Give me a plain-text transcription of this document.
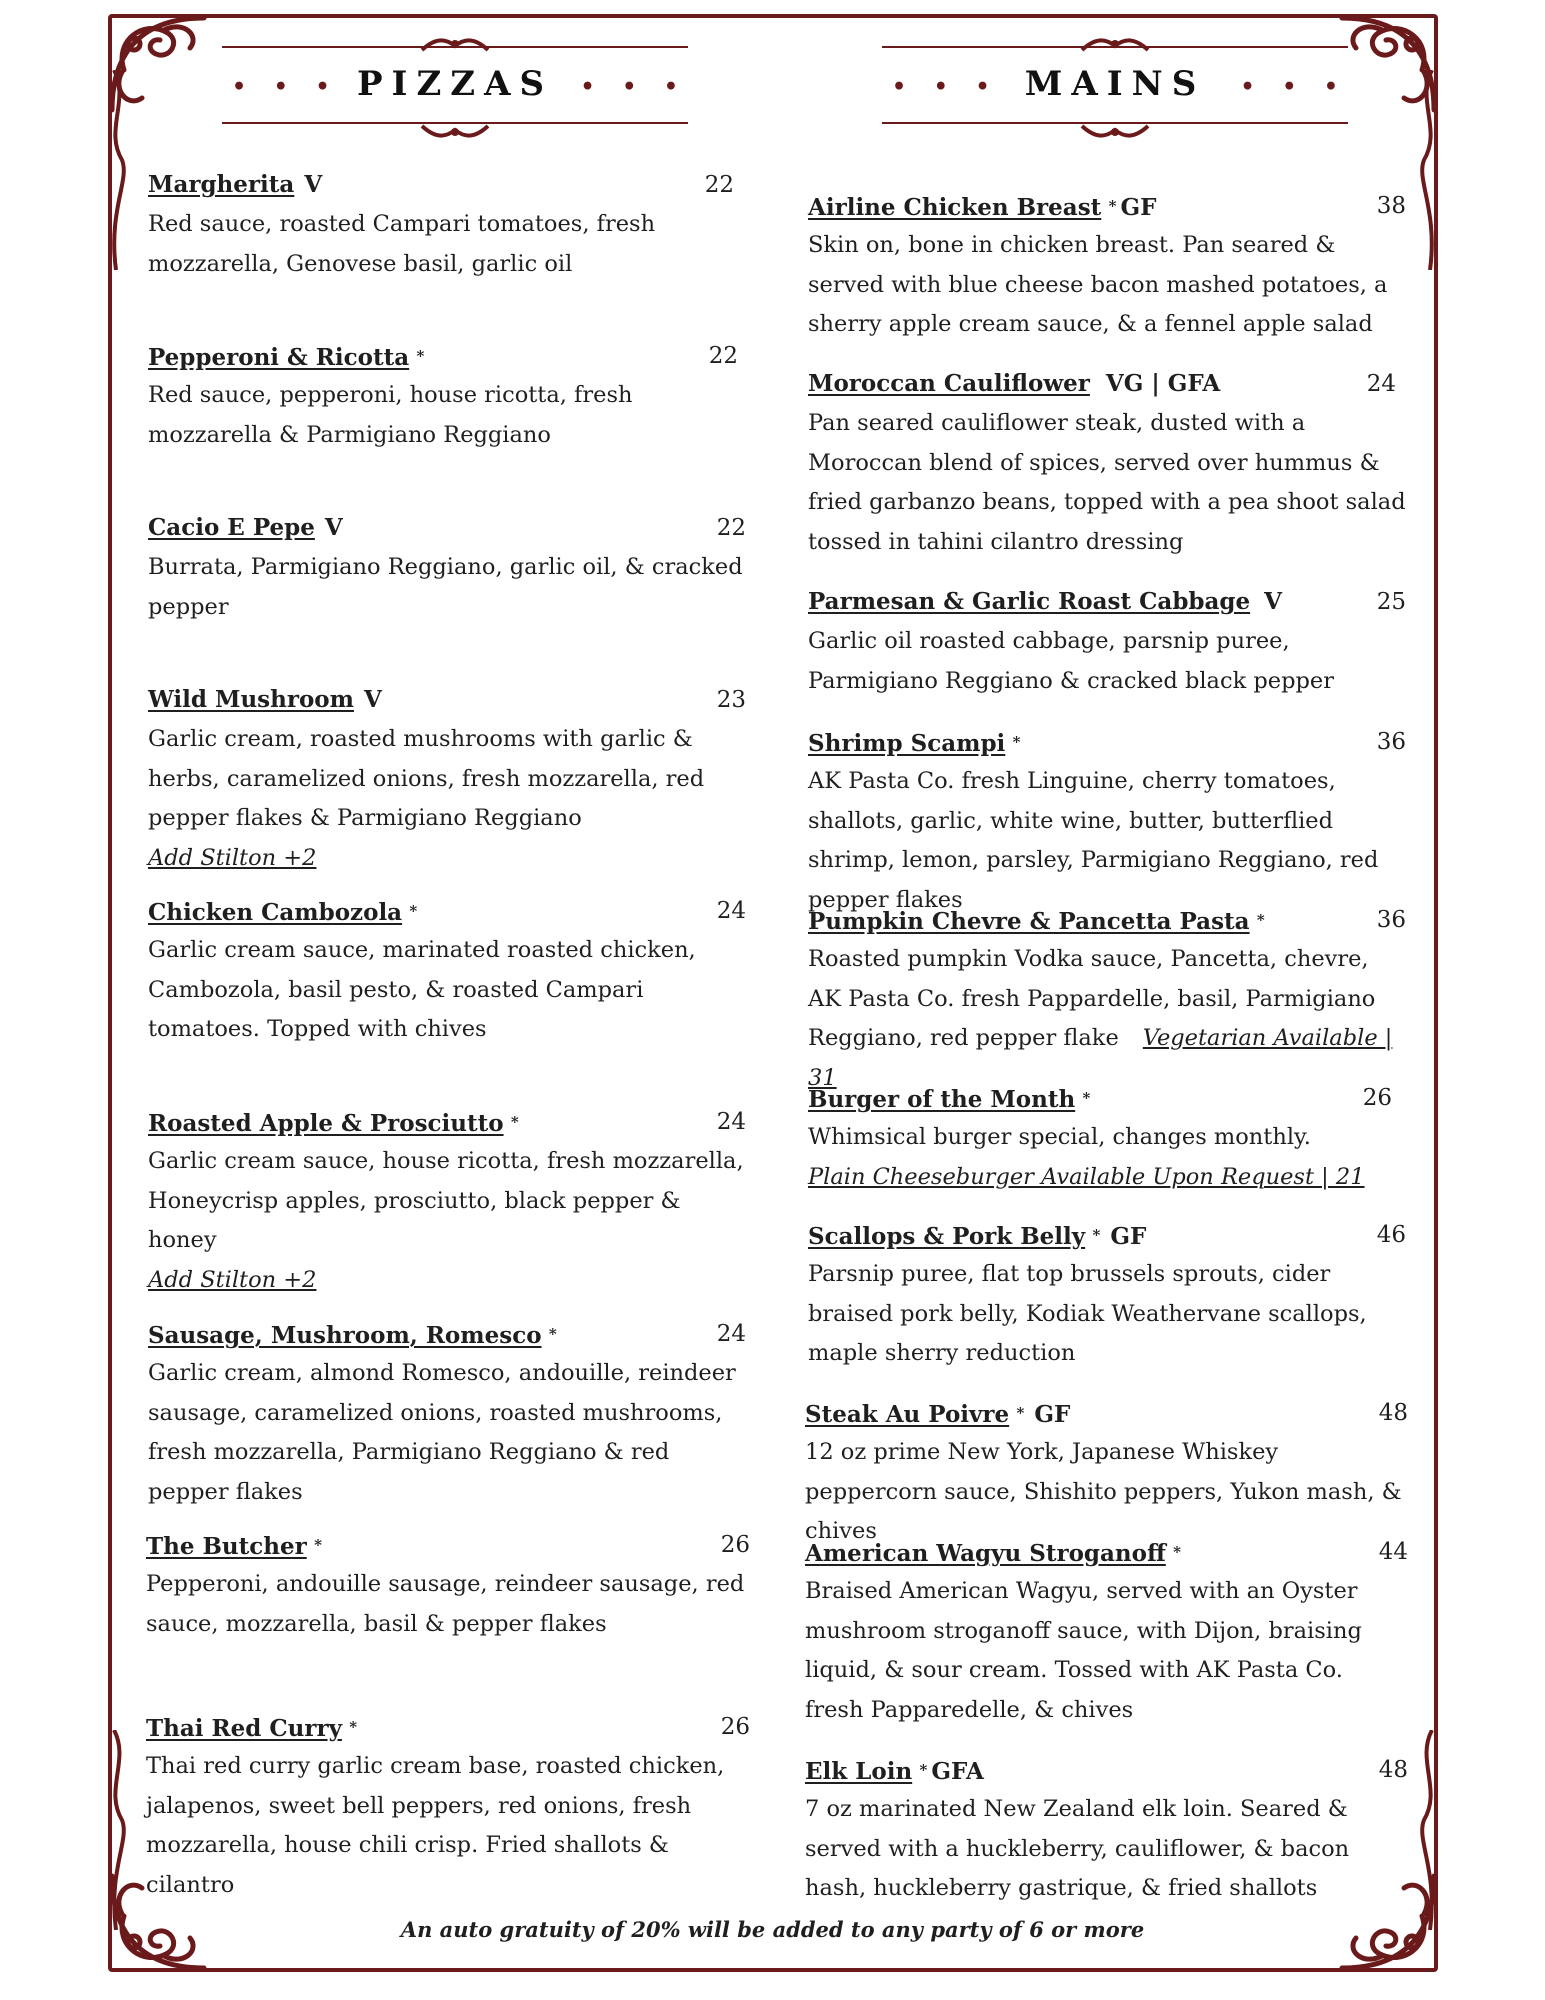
• • • PIZZAS	• • •	• • • MAINS	• • •
Margherita V	22
Red sauce, roasted Campari tomatoes, fresh mozzarella, Genovese basil, garlic oil
Pepperoni & Ricotta *	22
Red sauce, pepperoni, house ricotta, fresh mozzarella & Parmigiano Reggiano
Cacio E Pepe V	22
Burrata, Parmigiano Reggiano, garlic oil, & cracked pepper
Wild Mushroom V	23
Garlic cream, roasted mushrooms with garlic & herbs, caramelized onions, fresh mozzarella, red pepper flakes & Parmigiano Reggiano
Add Stilton +2
Chicken Cambozola *	24
Garlic cream sauce, marinated roasted chicken, Cambozola, basil pesto, & roasted Campari tomatoes. Topped with chives
Roasted Apple & Prosciutto *	24
Garlic cream sauce, house ricotta, fresh mozzarella, Honeycrisp apples, prosciutto, black pepper & honey
Add Stilton +2
Sausage, Mushroom, Romesco *	24
Garlic cream, almond Romesco, andouille, reindeer sausage, caramelized onions, roasted mushrooms, fresh mozzarella, Parmigiano Reggiano & red pepper flakes
The Butcher *	26
Pepperoni, andouille sausage, reindeer sausage, red sauce, mozzarella, basil & pepper flakes
Thai Red Curry *	26
Thai red curry garlic cream base, roasted chicken, jalapenos, sweet bell peppers, red onions, fresh mozzarella, house chili crisp. Fried shallots & cilantro
Airline Chicken Breast * GF	38
Skin on, bone in chicken breast. Pan seared & served with blue cheese bacon mashed potatoes, a sherry apple cream sauce, & a fennel apple salad
Moroccan Cauliflower VG | GFA	24
Pan seared cauliflower steak, dusted with a Moroccan blend of spices, served over hummus & fried garbanzo beans, topped with a pea shoot salad tossed in tahini cilantro dressing
Parmesan & Garlic Roast Cabbage V	25
Garlic oil roasted cabbage, parsnip puree, Parmigiano Reggiano & cracked black pepper
Shrimp Scampi *	36
AK Pasta Co. fresh Linguine, cherry tomatoes, shallots, garlic, white wine, butter, butterflied shrimp, lemon, parsley, Parmigiano Reggiano, red pepper flakes
Pumpkin Chevre & Pancetta Pasta *	36
Roasted pumpkin Vodka sauce, Pancetta, chevre, AK Pasta Co. fresh Pappardelle, basil, Parmigiano Reggiano, red pepper flake Vegetarian Available | 31
Burger of the Month *	26
Whimsical burger special, changes monthly.
Plain Cheeseburger Available Upon Request | 21
Scallops & Pork Belly * GF	46
Parsnip puree, flat top brussels sprouts, cider braised pork belly, Kodiak Weathervane scallops, maple sherry reduction
Steak Au Poivre * GF	48
12 oz prime New York, Japanese Whiskey peppercorn sauce, Shishito peppers, Yukon mash, & chives
American Wagyu Stroganoff *	44
Braised American Wagyu, served with an Oyster mushroom stroganoff sauce, with Dijon, braising liquid, & sour cream. Tossed with AK Pasta Co. fresh Papparedelle, & chives
Elk Loin * GFA	48
7 oz marinated New Zealand elk loin. Seared & served with a huckleberry, cauliflower, & bacon hash, huckleberry gastrique, & fried shallots
An auto gratuity of 20% will be added to any party of 6 or more
